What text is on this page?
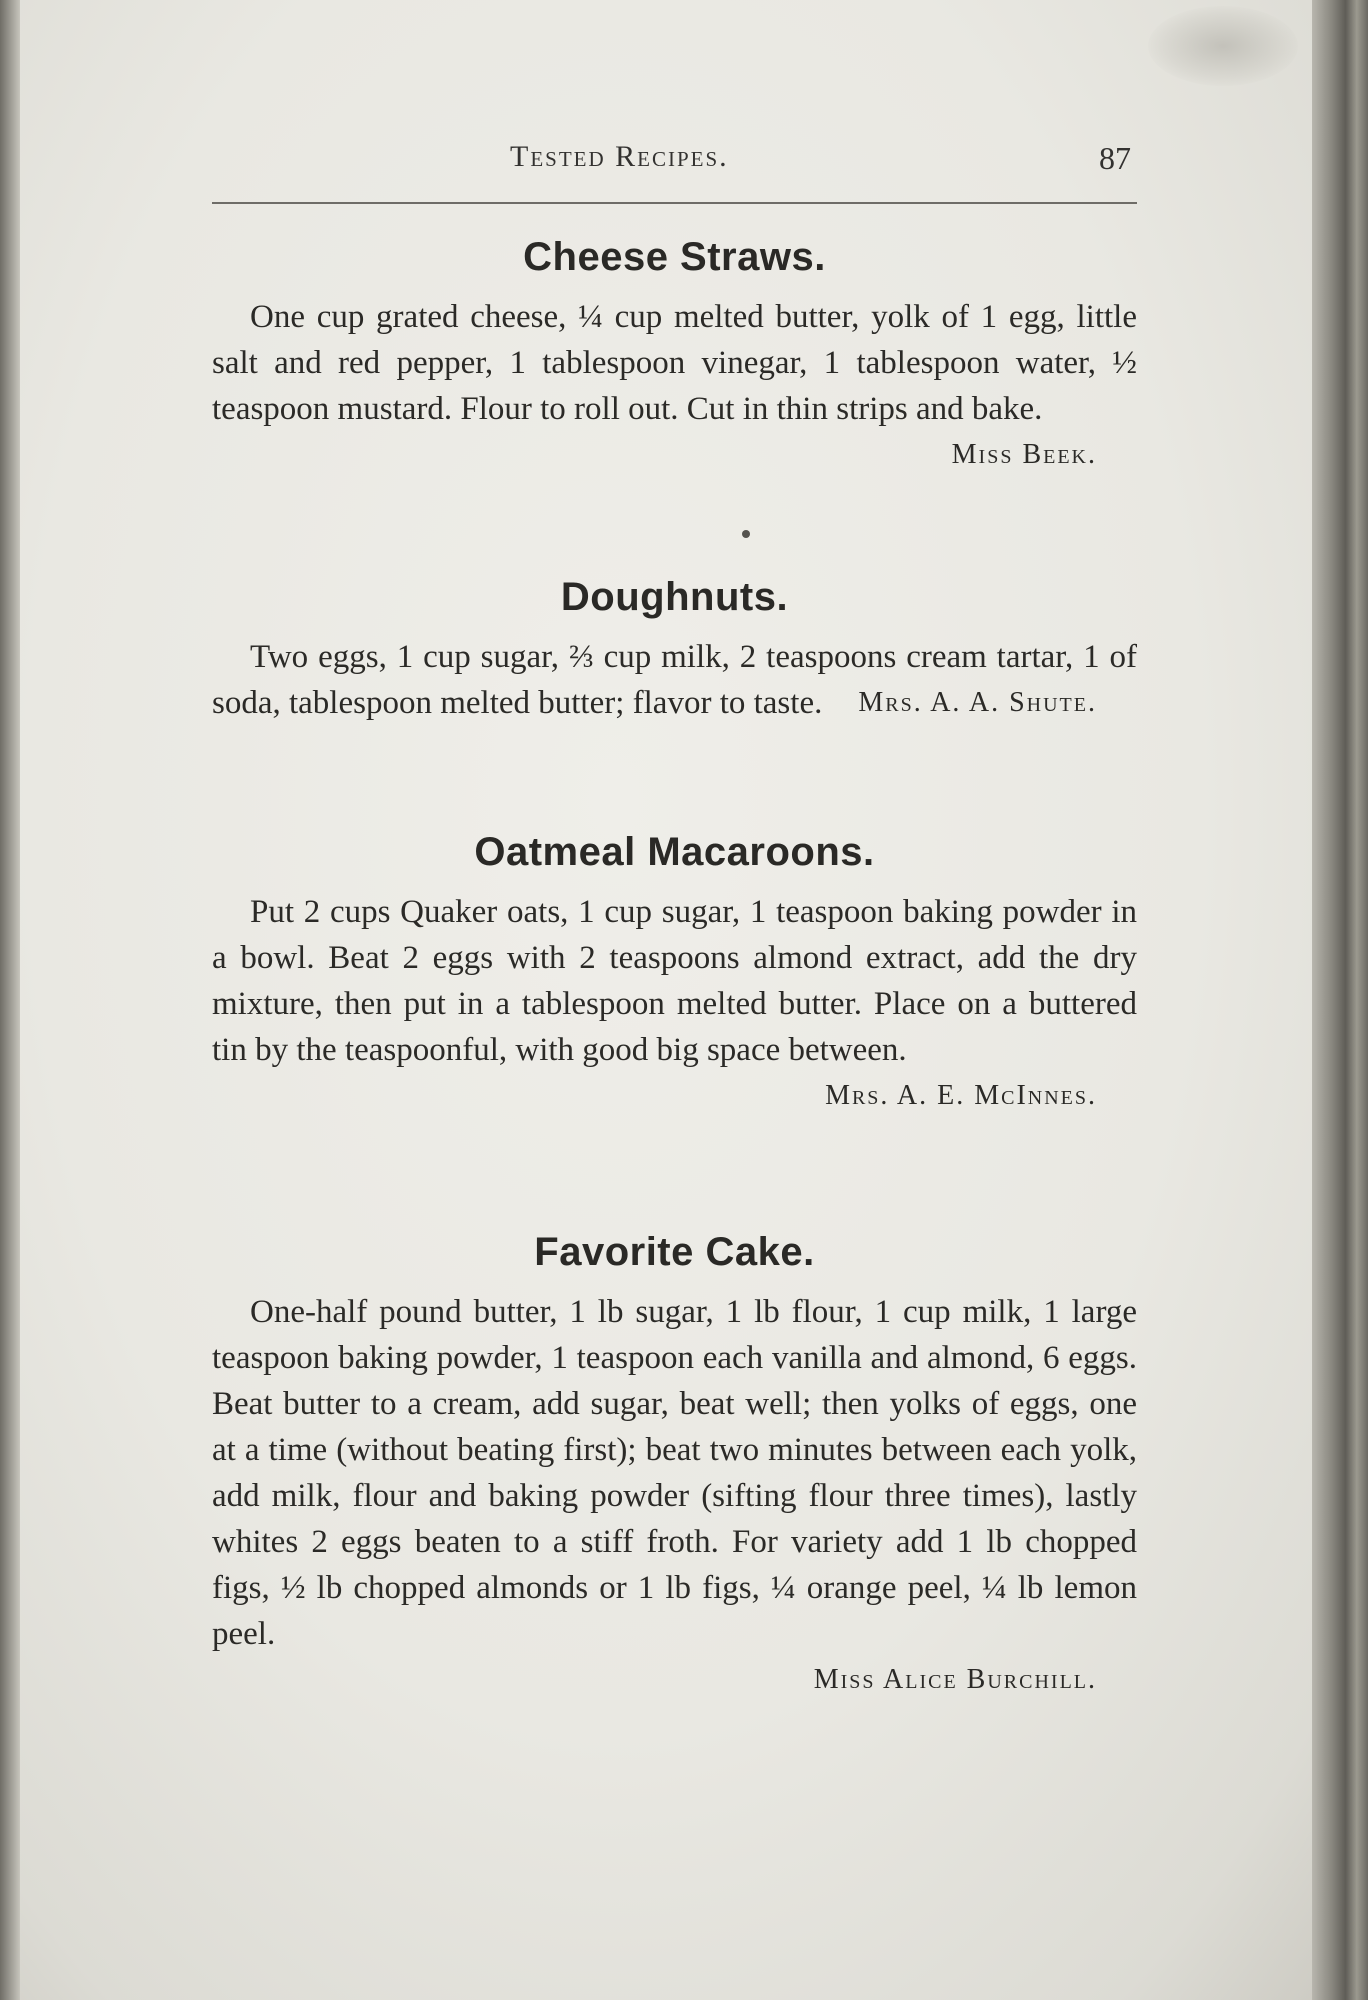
Tested Recipes.	87
Cheese Straws.

One cup grated cheese, ¼ cup melted butter, yolk of 1 egg, little salt and red pepper, 1 tablespoon vinegar, 1 tablespoon water, ½ teaspoon mustard. Flour to roll out. Cut in thin strips and bake.

Miss Beek.
Doughnuts.

Two eggs, 1 cup sugar, ⅔ cup milk, 2 teaspoons cream tartar, 1 of soda, tablespoon melted butter; flavor to taste. Mrs. A. A. Shute.

Oatmeal Macaroons.

Put 2 cups Quaker oats, 1 cup sugar, 1 teaspoon baking powder in a bowl. Beat 2 eggs with 2 teaspoons almond extract, add the dry mixture, then put in a tablespoon melted butter. Place on a buttered tin by the teaspoonful, with good big space between.

Mrs. A. E. McInnes.
Favorite Cake.

One-half pound butter, 1 lb sugar, 1 lb flour, 1 cup milk, 1 large teaspoon baking powder, 1 teaspoon each vanilla and almond, 6 eggs. Beat butter to a cream, add sugar, beat well; then yolks of eggs, one at a time (without beating first); beat two minutes between each yolk, add milk, flour and baking powder (sifting flour three times), lastly whites 2 eggs beaten to a stiff froth. For variety add 1 lb chopped figs, ½ lb chopped almonds or 1 lb figs, ¼ orange peel, ¼ lb lemon peel.

Miss Alice Burchill.
